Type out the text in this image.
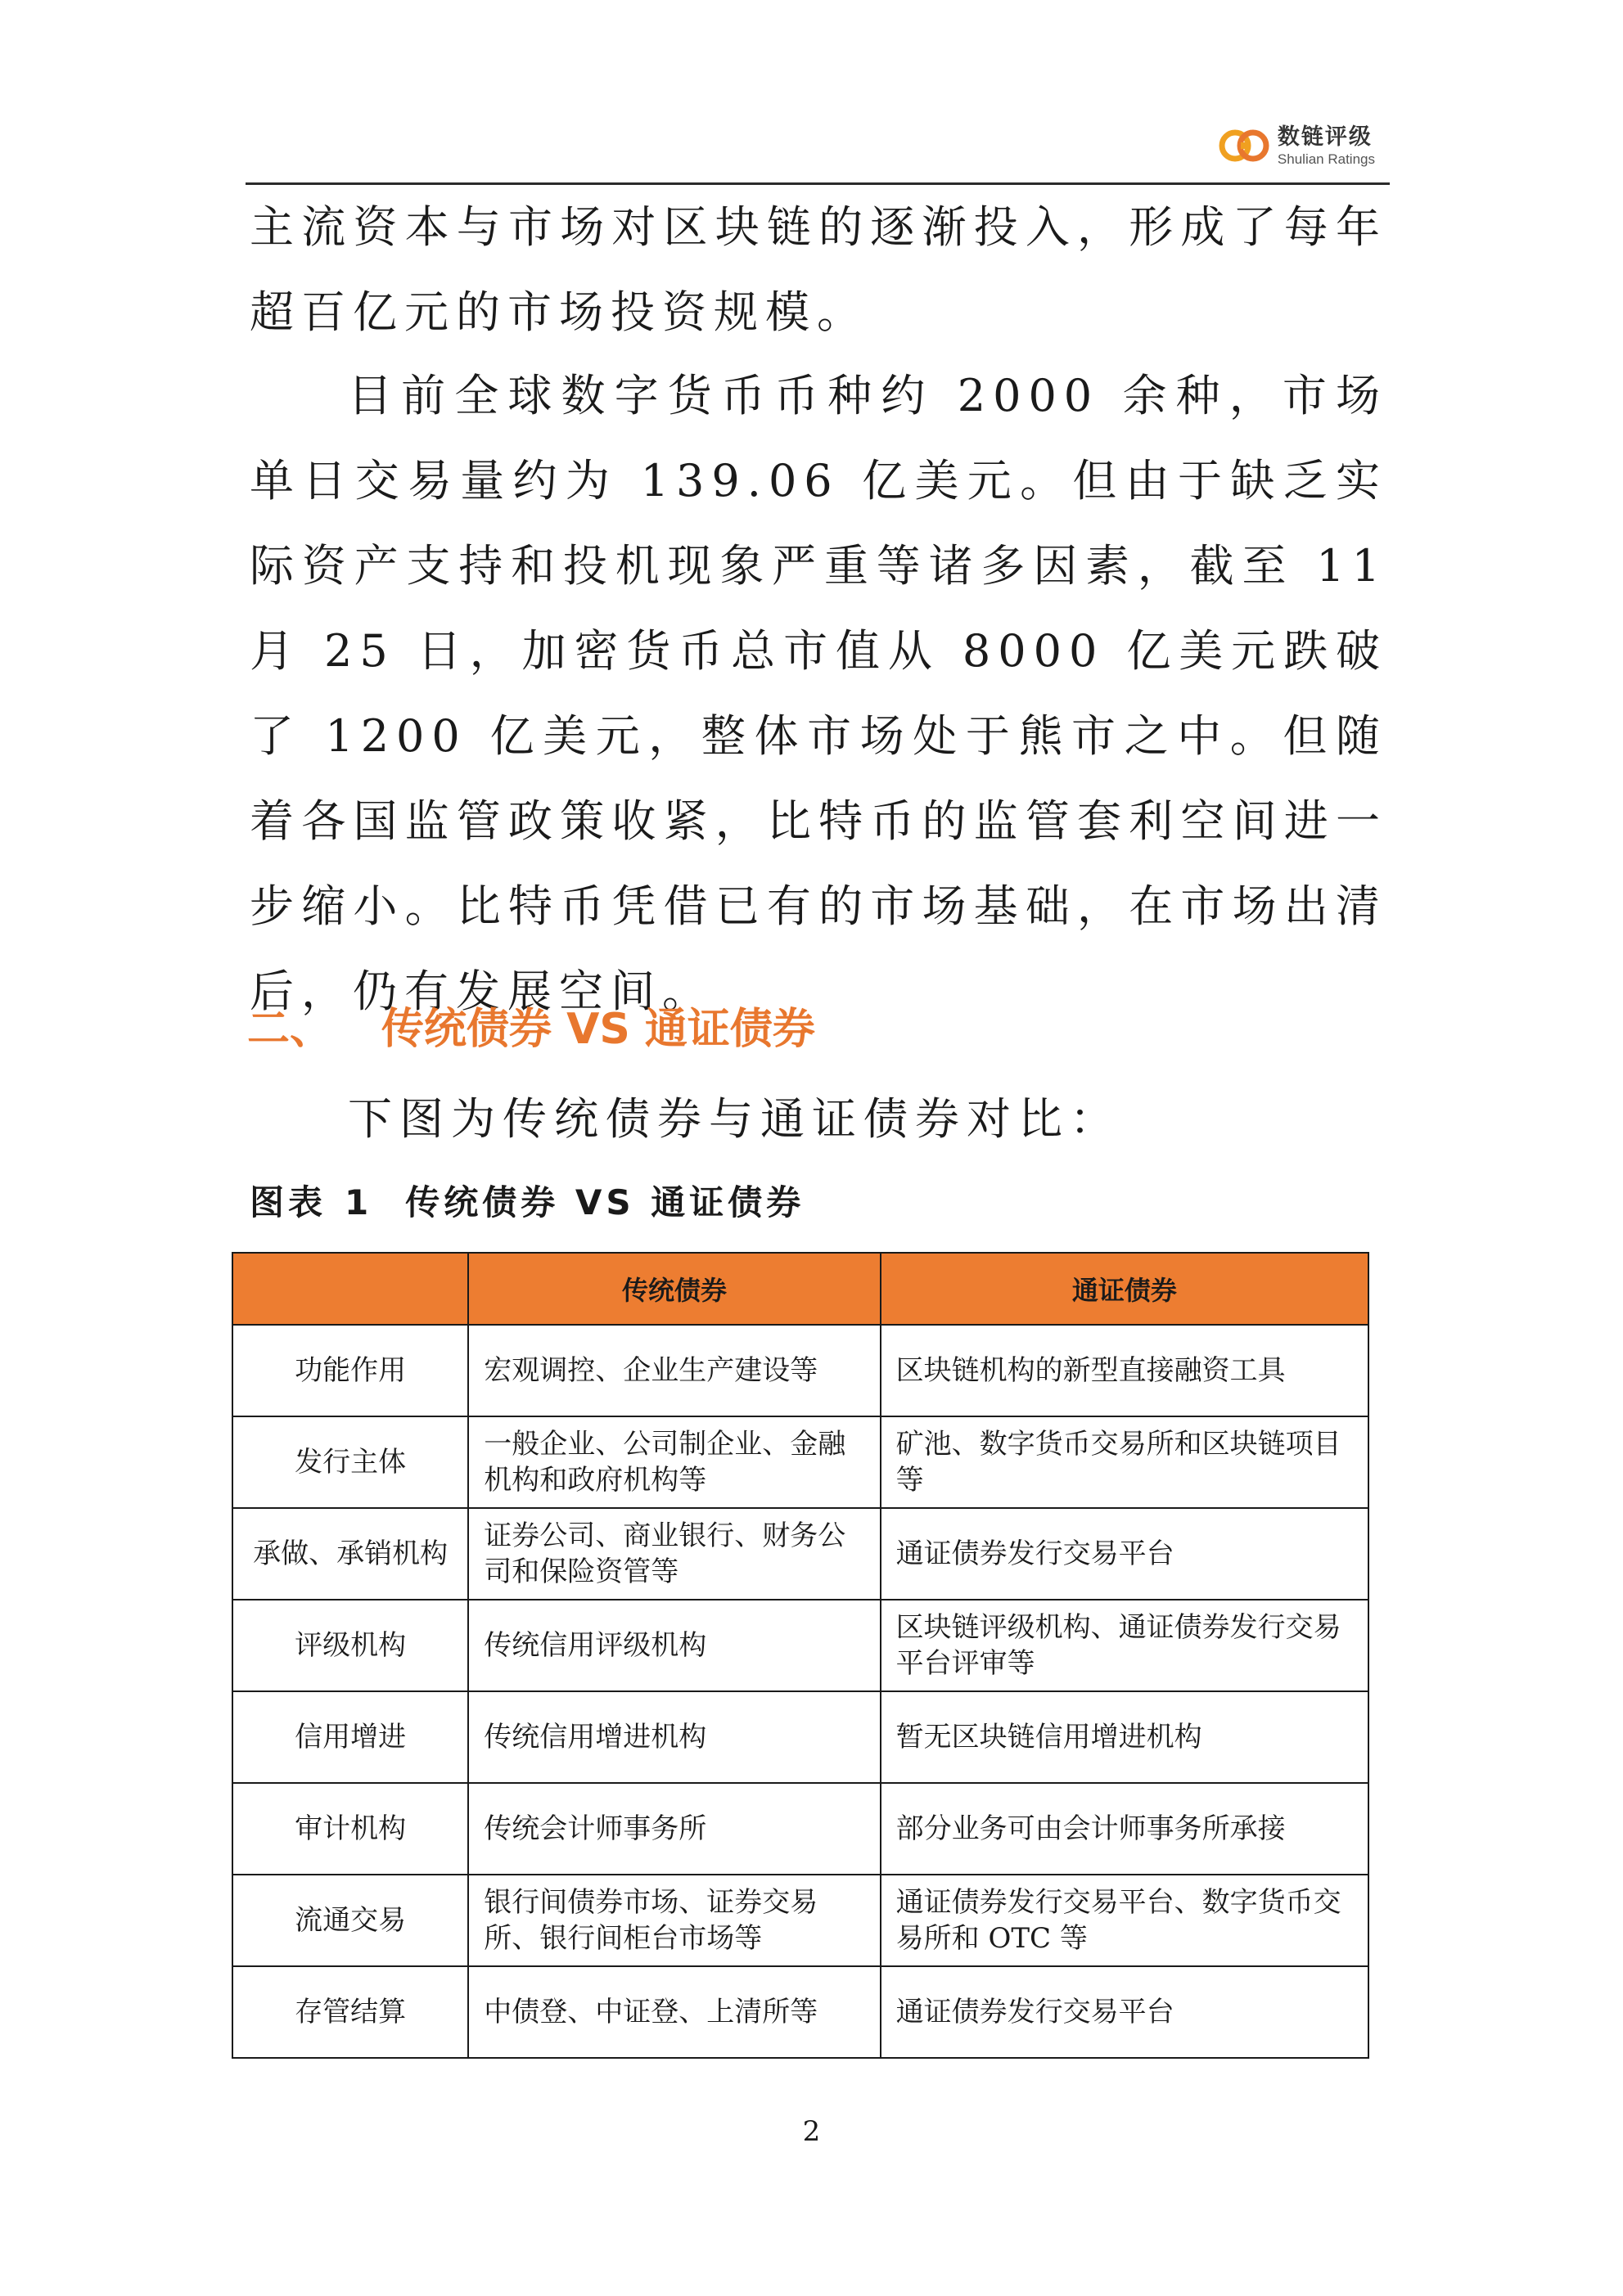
数链评级
Shulian Ratings

主流资本与市场对区块链的逐渐投入，形成了每年超百亿元的市场投资规模。

目前全球数字货币币种约 2000 余种，市场单日交易量约为 139.06 亿美元。但由于缺乏实际资产支持和投机现象严重等诸多因素，截至 11 月 25 日，加密货币总市值从 8000 亿美元跌破了 1200 亿美元，整体市场处于熊市之中。但随着各国监管政策收紧，比特币的监管套利空间进一步缩小。比特币凭借已有的市场基础，在市场出清后，仍有发展空间。

二、 传统债券 VS 通证债券

下图为传统债券与通证债券对比：

图表 1 传统债券 VS 通证债券

	传统债券	通证债券
功能作用	宏观调控、企业生产建设等	区块链机构的新型直接融资工具
发行主体	一般企业、公司制企业、金融机构和政府机构等	矿池、数字货币交易所和区块链项目等
承做、承销机构	证券公司、商业银行、财务公司和保险资管等	通证债券发行交易平台
评级机构	传统信用评级机构	区块链评级机构、通证债券发行交易平台评审等
信用增进	传统信用增进机构	暂无区块链信用增进机构
审计机构	传统会计师事务所	部分业务可由会计师事务所承接
流通交易	银行间债券市场、证券交易所、银行间柜台市场等	通证债券发行交易平台、数字货币交易所和 OTC 等
存管结算	中债登、中证登、上清所等	通证债券发行交易平台

2
